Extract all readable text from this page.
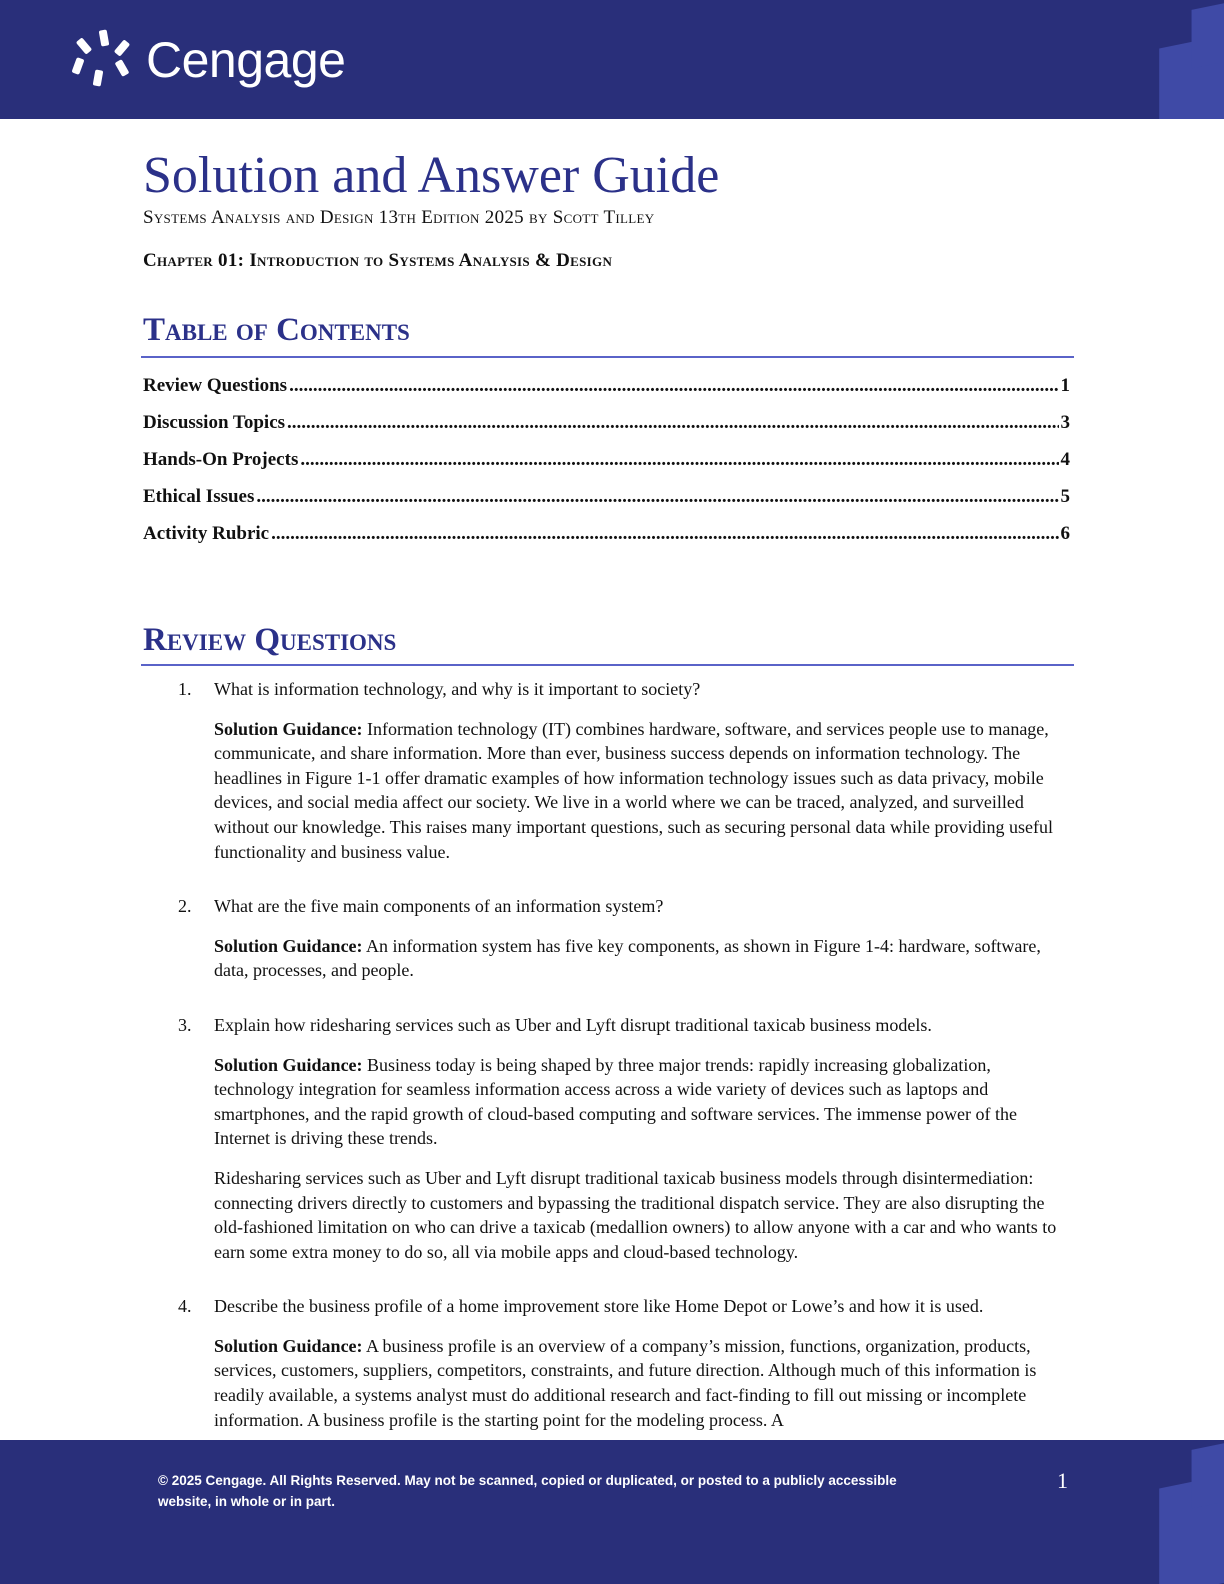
Cengage
Solution and Answer Guide
Systems Analysis and Design 13th Edition 2025 by Scott Tilley
Chapter 01: Introduction to Systems Analysis & Design
Table of Contents
Review Questions .....	1
Discussion Topics .....	3
Hands-On Projects .....	4
Ethical Issues .....	5
Activity Rubric .....	6
Review Questions
1.	What is information technology, and why is it important to society?

Solution Guidance: Information technology (IT) combines hardware, software, and services people use to manage, communicate, and share information. More than ever, business success depends on information technology. The headlines in Figure 1-1 offer dramatic examples of how information technology issues such as data privacy, mobile devices, and social media affect our society. We live in a world where we can be traced, analyzed, and surveilled without our knowledge. This raises many important questions, such as securing personal data while providing useful functionality and business value.

2.	What are the five main components of an information system?

Solution Guidance: An information system has five key components, as shown in Figure 1-4: hardware, software, data, processes, and people.

3.	Explain how ridesharing services such as Uber and Lyft disrupt traditional taxicab business models.

Solution Guidance: Business today is being shaped by three major trends: rapidly increasing globalization, technology integration for seamless information access across a wide variety of devices such as laptops and smartphones, and the rapid growth of cloud-based computing and software services. The immense power of the Internet is driving these trends.

Ridesharing services such as Uber and Lyft disrupt traditional taxicab business models through disintermediation: connecting drivers directly to customers and bypassing the traditional dispatch service. They are also disrupting the old-fashioned limitation on who can drive a taxicab (medallion owners) to allow anyone with a car and who wants to earn some extra money to do so, all via mobile apps and cloud-based technology.

4.	Describe the business profile of a home improvement store like Home Depot or Lowe’s and how it is used.

Solution Guidance: A business profile is an overview of a company’s mission, functions, organization, products, services, customers, suppliers, competitors, constraints, and future direction. Although much of this information is readily available, a systems analyst must do additional research and fact-finding to fill out missing or incomplete information. A business profile is the starting point for the modeling process. A

© 2025 Cengage. All Rights Reserved. May not be scanned, copied or duplicated, or posted to a publicly accessible website, in whole or in part.
1
